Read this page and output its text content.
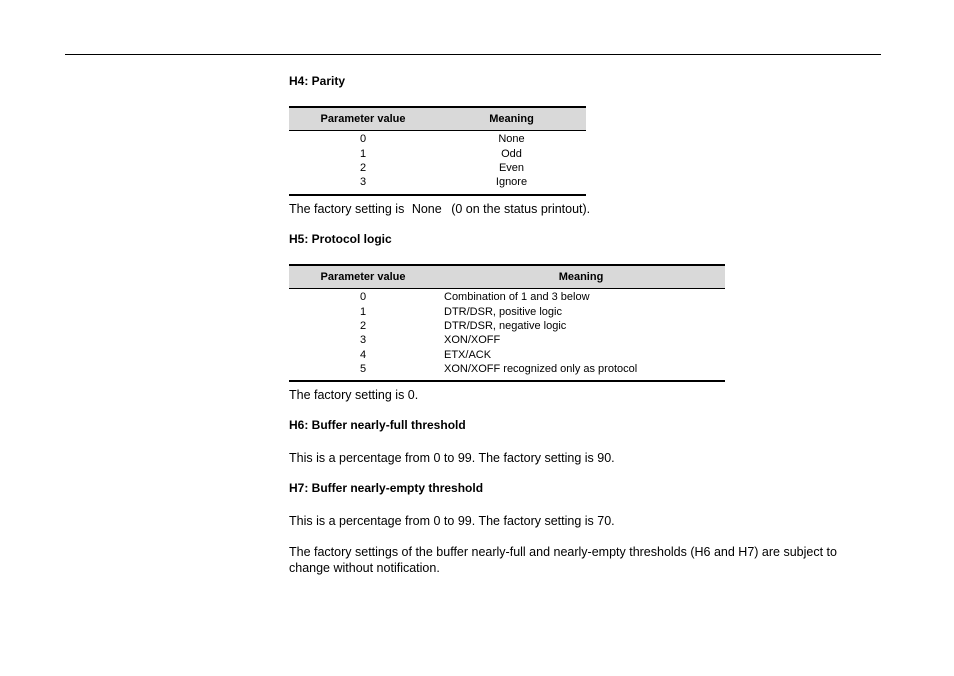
H4: Parity
Parameter value	Meaning
0	None
1	Odd
2	Even
3	Ignore
The factory setting is None (0 on the status printout).
H5: Protocol logic
Parameter value	Meaning
0	Combination of 1 and 3 below
1	DTR/DSR, positive logic
2	DTR/DSR, negative logic
3	XON/XOFF
4	ETX/ACK
5	XON/XOFF recognized only as protocol
The factory setting is 0.
H6: Buffer nearly-full threshold
This is a percentage from 0 to 99. The factory setting is 90.
H7: Buffer nearly-empty threshold
This is a percentage from 0 to 99. The factory setting is 70.
The factory settings of the buffer nearly-full and nearly-empty thresholds (H6 and H7) are subject to change without notification.
